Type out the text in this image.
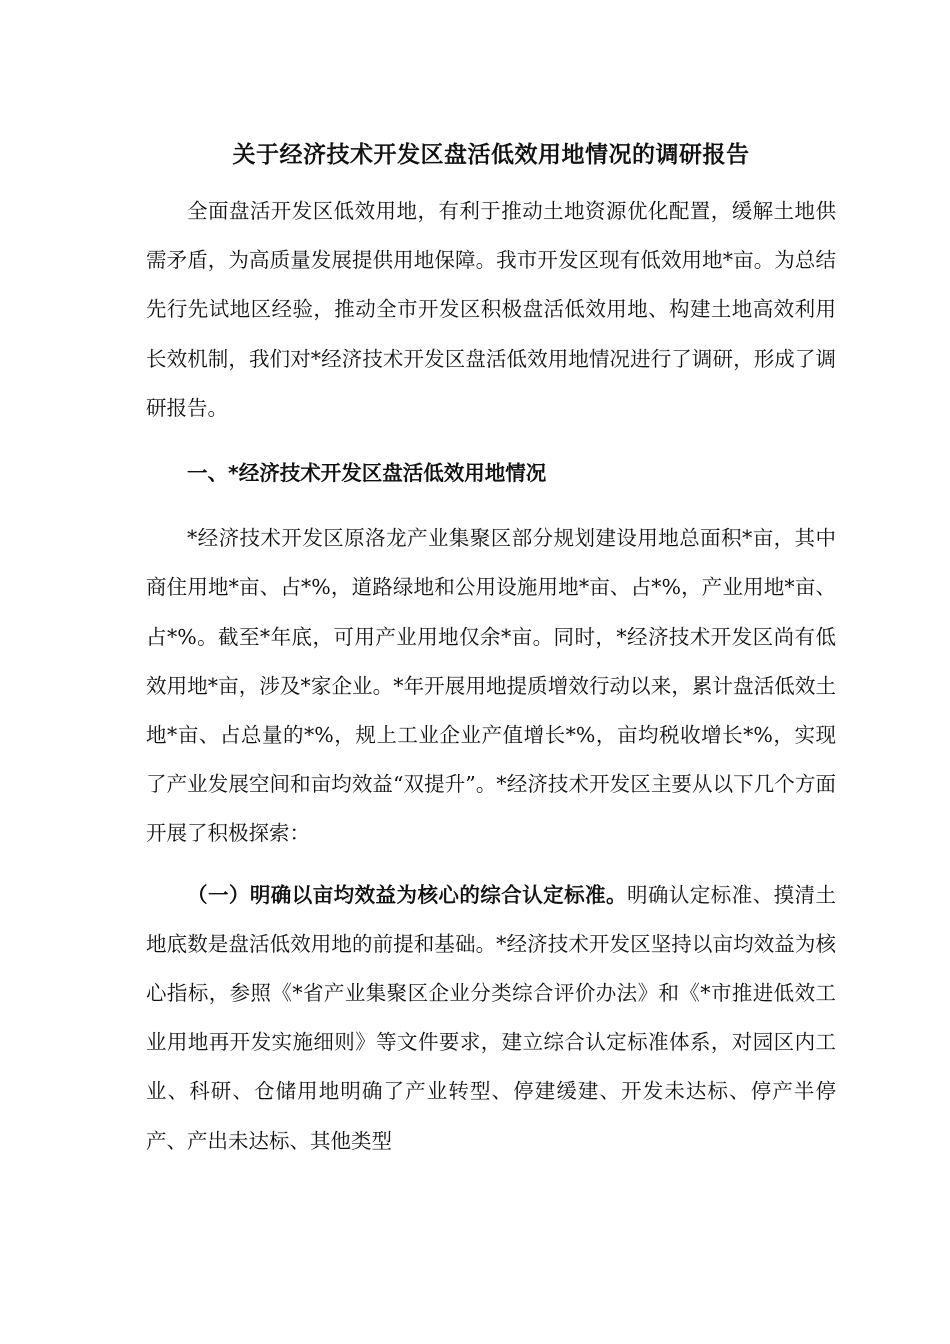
关于经济技术开发区盘活低效用地情况的调研报告

全面盘活开发区低效用地，有利于推动土地资源优化配置，缓解土地供需矛盾，为高质量发展提供用地保障。我市开发区现有低效用地*亩。为总结先行先试地区经验，推动全市开发区积极盘活低效用地、构建土地高效利用长效机制，我们对*经济技术开发区盘活低效用地情况进行了调研，形成了调研报告。

一、*经济技术开发区盘活低效用地情况

*经济技术开发区原洛龙产业集聚区部分规划建设用地总面积*亩，其中商住用地*亩、占*%，道路绿地和公用设施用地*亩、占*%，产业用地*亩、占*%。截至*年底，可用产业用地仅余*亩。同时，*经济技术开发区尚有低效用地*亩，涉及*家企业。*年开展用地提质增效行动以来，累计盘活低效土地*亩、占总量的*%，规上工业企业产值增长*%，亩均税收增长*%，实现了产业发展空间和亩均效益“双提升”。*经济技术开发区主要从以下几个方面开展了积极探索：

（一）明确以亩均效益为核心的综合认定标准。明确认定标准、摸清土地底数是盘活低效用地的前提和基础。*经济技术开发区坚持以亩均效益为核心指标，参照《*省产业集聚区企业分类综合评价办法》和《*市推进低效工业用地再开发实施细则》等文件要求，建立综合认定标准体系，对园区内工业、科研、仓储用地明确了产业转型、停建缓建、开发未达标、停产半停产、产出未达标、其他类型
